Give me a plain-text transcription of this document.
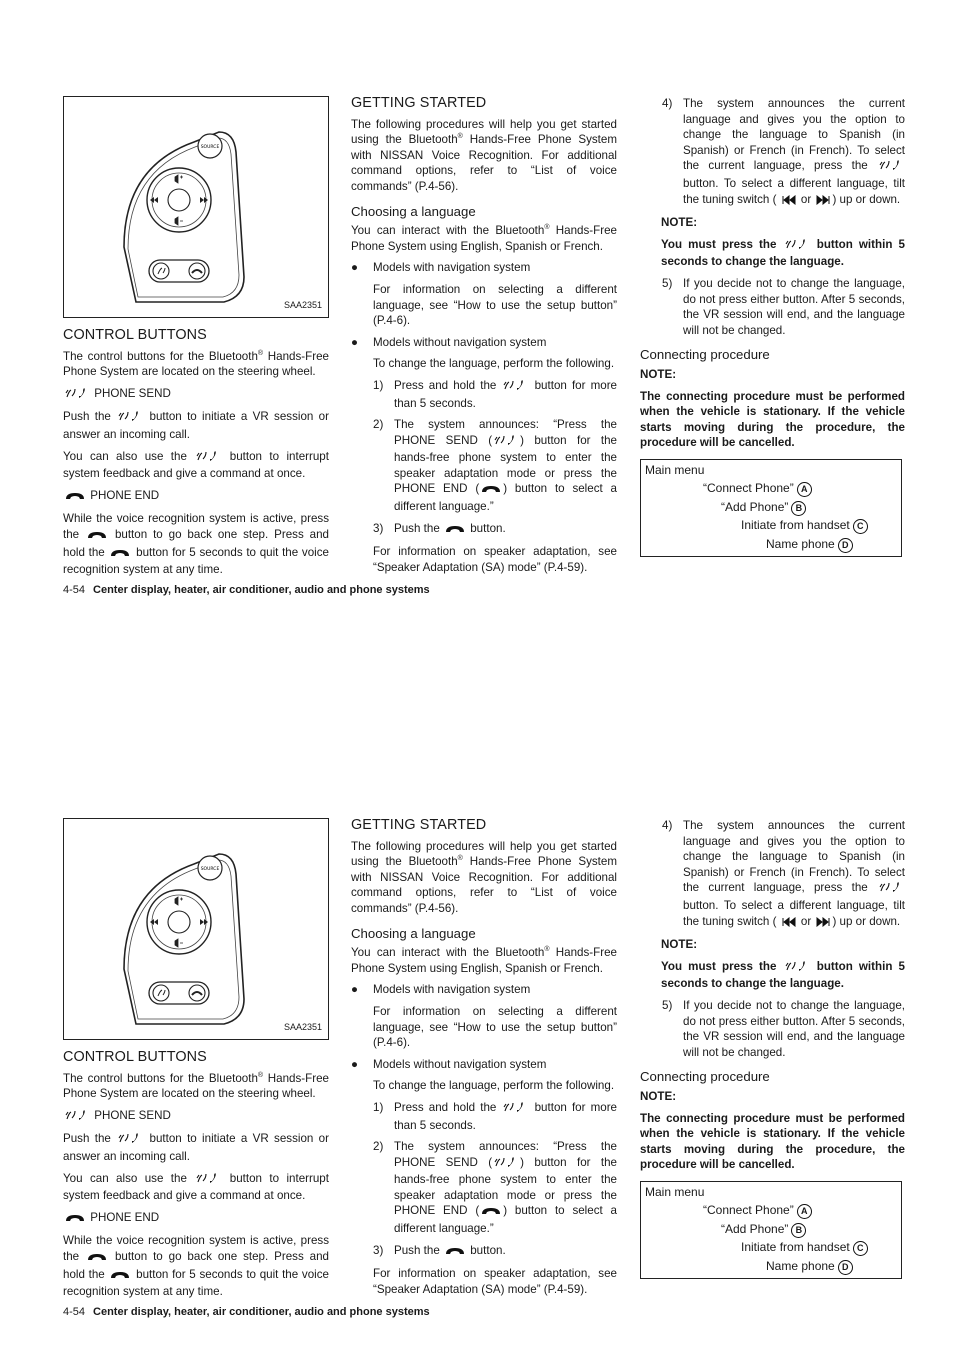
SOURCE
SAA2351
CONTROL BUTTONS

The control buttons for the Bluetooth® Hands-Free Phone System are located on the steering wheel.

PHONE SEND

Push the	button to initiate a VR session or answer an incoming call.

You can also use the	button to interrupt system feedback and give a command at once.

PHONE END

While the voice recognition system is active, press the	button to go back one step. Press and hold the	button for 5 seconds to quit the voice recognition system at any time.

GETTING STARTED

The following procedures will help you get started using the Bluetooth® Hands-Free Phone System with NISSAN Voice Recognition. For additional command options, refer to “List of voice commands” (P.4-56).

Choosing a language

You can interact with the Bluetooth® Hands-Free Phone System using English, Spanish or French.

● Models with navigation system

For information on selecting a different language, see “How to use the setup button” (P.4-6).

● Models without navigation system

To change the language, perform the following.

1) Press and hold the	button for more than 5 seconds.

2) The system announces: “Press the PHONE SEND ( ) button for the hands-free phone system to enter the speaker adaptation mode or press the PHONE END ( ) button to select a different language.”

3) Push the	button.

For information on speaker adaptation, see “Speaker Adaptation (SA) mode” (P.4-59).

4) The system announces the current language and gives you the option to change the language to Spanish (in Spanish) or French (in French). To select the current language, press the  button. To select a different language, tilt the tuning switch ( or ) up or down.

NOTE:

You must press the	button within 5 seconds to change the language.

5) If you decide not to change the language, do not press either button. After 5 seconds, the VR session will end, and the language will not be changed.

Connecting procedure

NOTE:

The connecting procedure must be performed when the vehicle is stationary. If the vehicle starts moving during the procedure, the procedure will be cancelled.

Main menu
“Connect Phone” A
“Add Phone” B
Initiate from handset C
Name phone D
4-54 Center display, heater, air conditioner, audio and phone systems
SOURCE
SAA2351
CONTROL BUTTONS

The control buttons for the Bluetooth® Hands-Free Phone System are located on the steering wheel.

PHONE SEND

Push the	button to initiate a VR session or answer an incoming call.

You can also use the	button to interrupt system feedback and give a command at once.

PHONE END

While the voice recognition system is active, press the	button to go back one step. Press and hold the	button for 5 seconds to quit the voice recognition system at any time.

GETTING STARTED

The following procedures will help you get started using the Bluetooth® Hands-Free Phone System with NISSAN Voice Recognition. For additional command options, refer to “List of voice commands” (P.4-56).

Choosing a language

You can interact with the Bluetooth® Hands-Free Phone System using English, Spanish or French.

● Models with navigation system

For information on selecting a different language, see “How to use the setup button” (P.4-6).

● Models without navigation system

To change the language, perform the following.

1) Press and hold the	button for more than 5 seconds.

2) The system announces: “Press the PHONE SEND ( ) button for the hands-free phone system to enter the speaker adaptation mode or press the PHONE END ( ) button to select a different language.”

3) Push the	button.

For information on speaker adaptation, see “Speaker Adaptation (SA) mode” (P.4-59).

4) The system announces the current language and gives you the option to change the language to Spanish (in Spanish) or French (in French). To select the current language, press the  button. To select a different language, tilt the tuning switch ( or ) up or down.

NOTE:

You must press the	button within 5 seconds to change the language.

5) If you decide not to change the language, do not press either button. After 5 seconds, the VR session will end, and the language will not be changed.

Connecting procedure

NOTE:

The connecting procedure must be performed when the vehicle is stationary. If the vehicle starts moving during the procedure, the procedure will be cancelled.

Main menu
“Connect Phone” A
“Add Phone” B
Initiate from handset C
Name phone D
4-54 Center display, heater, air conditioner, audio and phone systems
